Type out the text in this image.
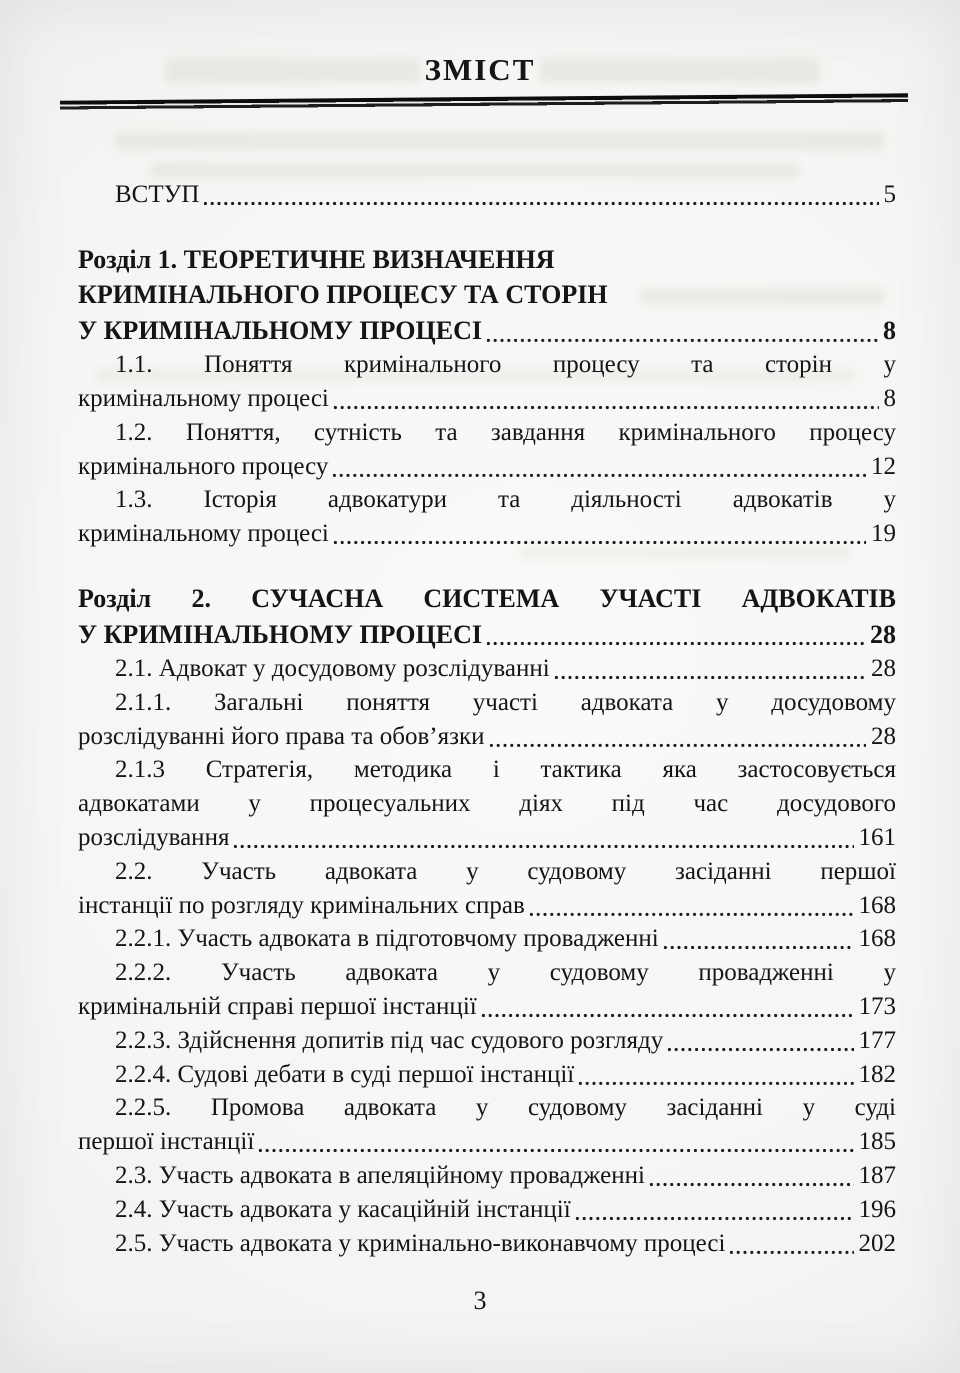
ЗМІСТ
ВСТУП	5
Розділ 1. ТЕОРЕТИЧНЕ ВИЗНАЧЕННЯ
КРИМІНАЛЬНОГО ПРОЦЕСУ ТА СТОРІН
У КРИМІНАЛЬНОМУ ПРОЦЕСІ	8
1.1. Поняття кримінального процесу та сторін у
кримінальному процесі	8
1.2. Поняття, сутність та завдання кримінального процесу
кримінального процесу	12
1.3. Історія адвокатури та діяльності адвокатів у
кримінальному процесі	19
Розділ 2. СУЧАСНА СИСТЕМА УЧАСТІ АДВОКАТІВ
У КРИМІНАЛЬНОМУ ПРОЦЕСІ	28
2.1. Адвокат у досудовому розслідуванні	28
2.1.1. Загальні поняття участі адвоката у досудовому
розслідуванні його права та обов’язки	28
2.1.3 Стратегія, методика і тактика яка застосовується
адвокатами у процесуальних діях під час досудового
розслідування	161
2.2. Участь адвоката у судовому засіданні першої
інстанції по розгляду кримінальних справ	168
2.2.1. Участь адвоката в підготовчому провадженні	168
2.2.2. Участь адвоката у судовому провадженні у
кримінальній справі першої інстанції	173
2.2.3. Здійснення допитів під час судового розгляду	177
2.2.4. Судові дебати в суді першої інстанції	182
2.2.5. Промова адвоката у судовому засіданні у суді
першої інстанції	185
2.3. Участь адвоката в апеляційному провадженні	187
2.4. Участь адвоката у касаційній інстанції	196
2.5. Участь адвоката у кримінально-виконавчому процесі	202
3
